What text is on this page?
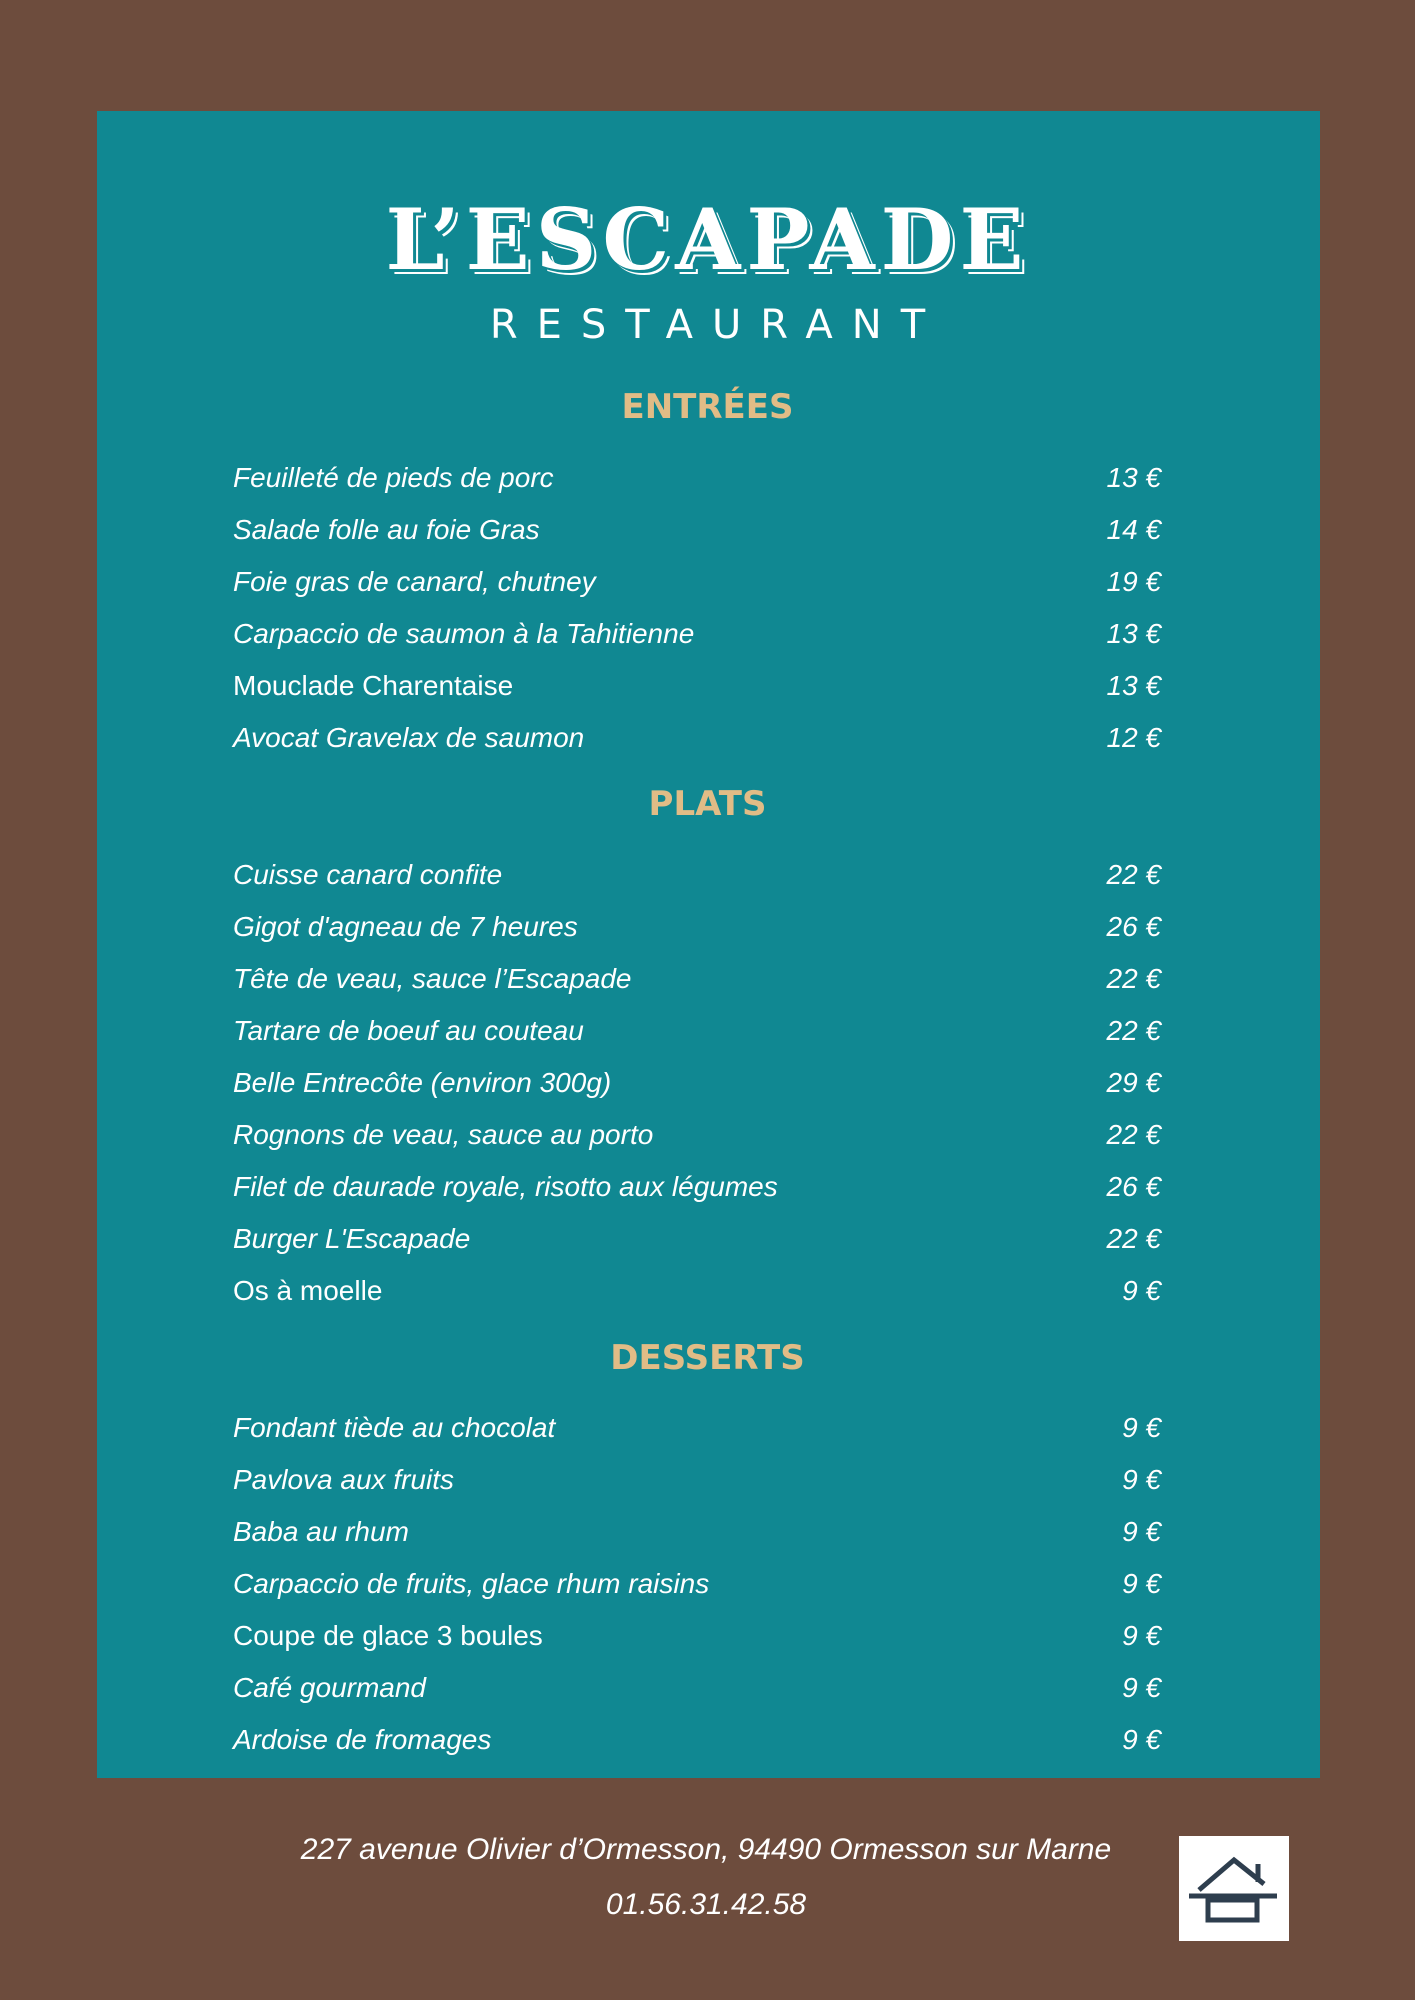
L’ESCAPADE
RESTAURANT
ENTRÉES
Feuilleté de pieds de porc	13 €
Salade folle au foie Gras	14 €
Foie gras de canard, chutney	19 €
Carpaccio de saumon à la Tahitienne	13 €
Mouclade Charentaise	13 €
Avocat Gravelax de saumon	12 €
PLATS
Cuisse canard confite	22 €
Gigot d'agneau de 7 heures	26 €
Tête de veau, sauce l’Escapade	22 €
Tartare de boeuf au couteau	22 €
Belle Entrecôte (environ 300g)	29 €
Rognons de veau, sauce au porto	22 €
Filet de daurade royale, risotto aux légumes	26 €
Burger L'Escapade	22 €
Os à moelle	9 €
DESSERTS
Fondant tiède au chocolat	9 €
Pavlova aux fruits	9 €
Baba au rhum	9 €
Carpaccio de fruits, glace rhum raisins	9 €
Coupe de glace 3 boules	9 €
Café gourmand	9 €
Ardoise de fromages	9 €
227 avenue Olivier d’Ormesson, 94490 Ormesson sur Marne
01.56.31.42.58
